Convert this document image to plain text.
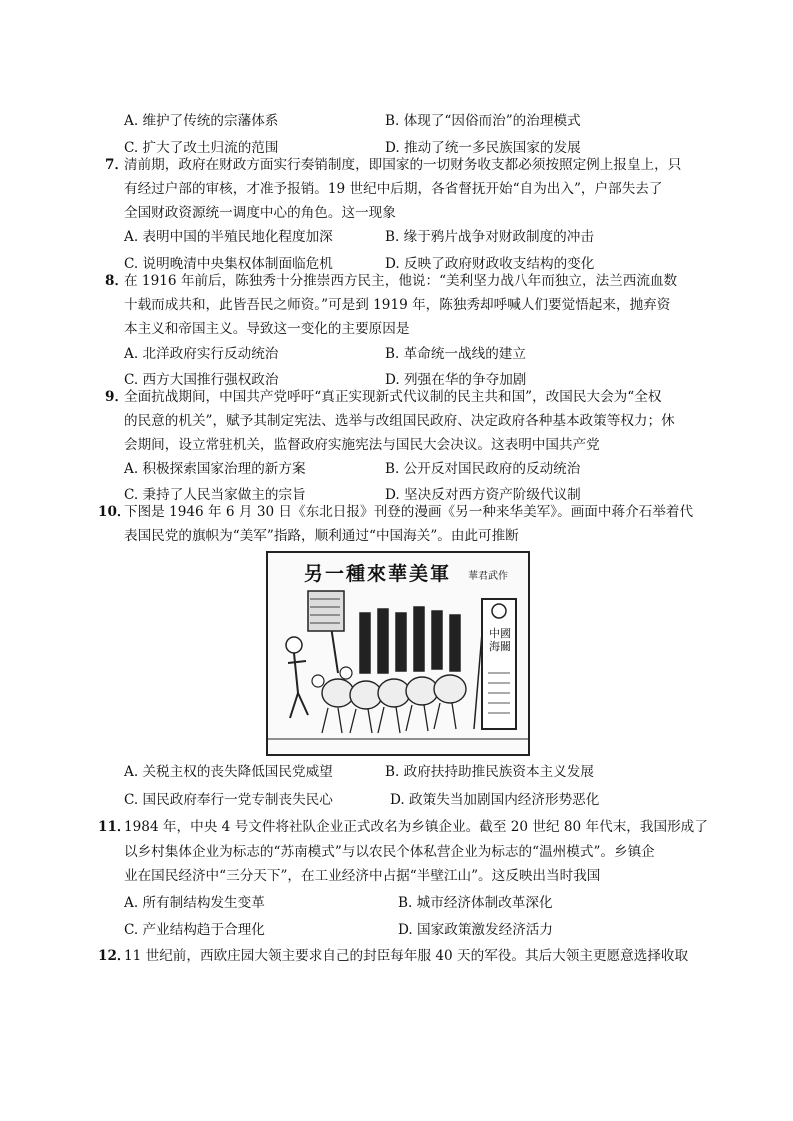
A. 维护了传统的宗藩体系	B. 体现了“因俗而治”的治理模式
C. 扩大了改土归流的范围	D. 推动了统一多民族国家的发展
7．
清前期，政府在财政方面实行奏销制度，即国家的一切财务收支都必须按照定例上报皇上，只
有经过户部的审核，才准予报销。19 世纪中后期，各省督抚开始“自为出入”，户部失去了
全国财政资源统一调度中心的角色。这一现象
A. 表明中国的半殖民地化程度加深	B. 缘于鸦片战争对财政制度的冲击
C. 说明晚清中央集权体制面临危机	D. 反映了政府财政收支结构的变化
8．
在 1916 年前后，陈独秀十分推崇西方民主，他说：“美利坚力战八年而独立，法兰西流血数
十载而成共和，此皆吾民之师资。”可是到 1919 年，陈独秀却呼喊人们要觉悟起来，抛弃资
本主义和帝国主义。导致这一变化的主要原因是
A. 北洋政府实行反动统治	B. 革命统一战线的建立
C. 西方大国推行强权政治	D. 列强在华的争夺加剧
9．
全面抗战期间，中国共产党呼吁“真正实现新式代议制的民主共和国”，改国民大会为“全权
的民意的机关”，赋予其制定宪法、选举与改组国民政府、决定政府各种基本政策等权力；休
会期间，设立常驻机关，监督政府实施宪法与国民大会决议。这表明中国共产党
A. 积极探索国家治理的新方案	B. 公开反对国民政府的反动统治
C. 秉持了人民当家做主的宗旨	D. 坚决反对西方资产阶级代议制
10．
下图是 1946 年 6 月 30 日《东北日报》刊登的漫画《另一种来华美军》。画面中蒋介石举着代
表国民党的旗帜为“美军”指路，顺利通过“中国海关”。由此可推断
另一種來華美軍 華君武作
中國海關
A. 关税主权的丧失降低国民党威望	B. 政府扶持助推民族资本主义发展
C. 国民政府奉行一党专制丧失民心	D. 政策失当加剧国内经济形势恶化
11．
1984 年，中央 4 号文件将社队企业正式改名为乡镇企业。截至 20 世纪 80 年代末，我国形成了
以乡村集体企业为标志的“苏南模式”与以农民个体私营企业为标志的“温州模式”。乡镇企
业在国民经济中“三分天下”，在工业经济中占据“半壁江山”。这反映出当时我国
A. 所有制结构发生变革	B. 城市经济体制改革深化
C. 产业结构趋于合理化	D. 国家政策激发经济活力
12．
11 世纪前，西欧庄园大领主要求自己的封臣每年服 40 天的军役。其后大领主更愿意选择收取
